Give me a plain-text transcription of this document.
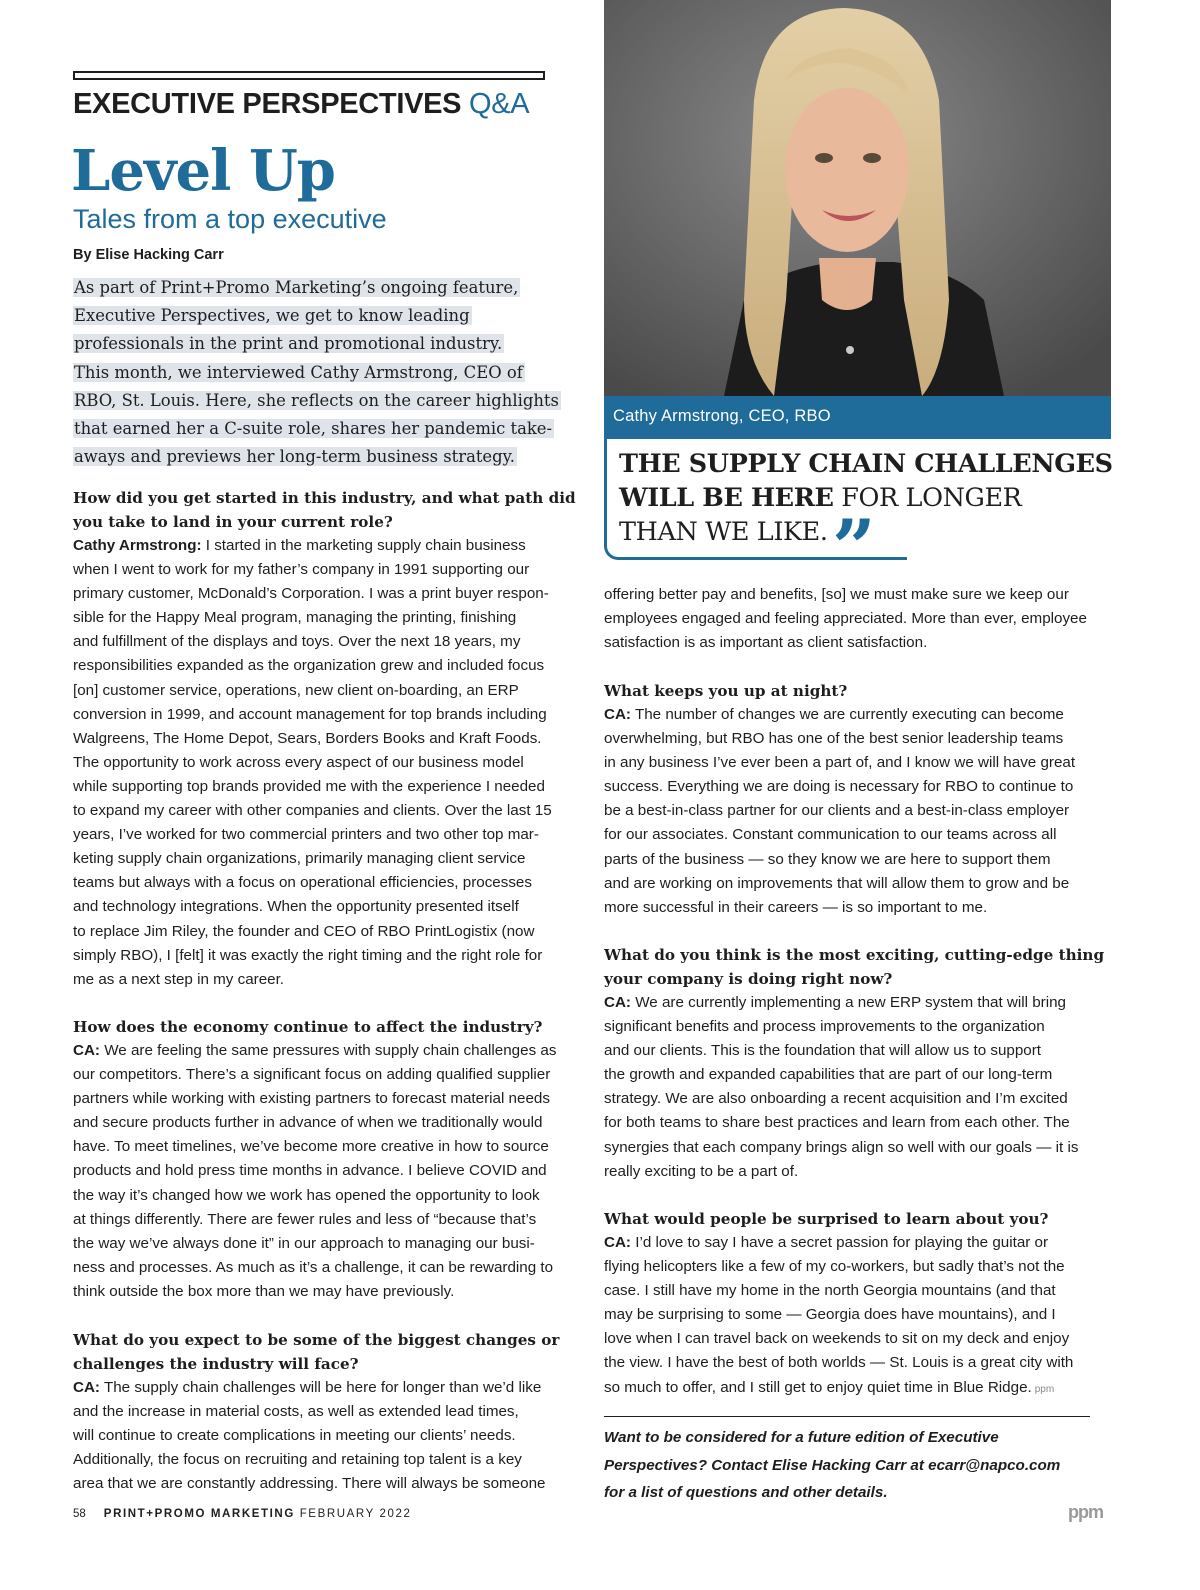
EXECUTIVE PERSPECTIVES Q&A
Level Up
Tales from a top executive
By Elise Hacking Carr
As part of Print+Promo Marketing’s ongoing feature,
Executive Perspectives, we get to know leading
professionals in the print and promotional industry.
This month, we interviewed Cathy Armstrong, CEO of
RBO, St. Louis. Here, she reflects on the career highlights
that earned her a C-suite role, shares her pandemic take-
aways and previews her long-term business strategy.
How did you get started in this industry, and what path did
you take to land in your current role?
Cathy Armstrong: I started in the marketing supply chain business
when I went to work for my father’s company in 1991 supporting our
primary customer, McDonald’s Corporation. I was a print buyer respon-
sible for the Happy Meal program, managing the printing, finishing
and fulfillment of the displays and toys. Over the next 18 years, my
responsibilities expanded as the organization grew and included focus
[on] customer service, operations, new client on-boarding, an ERP
conversion in 1999, and account management for top brands including
Walgreens, The Home Depot, Sears, Borders Books and Kraft Foods.
The opportunity to work across every aspect of our business model
while supporting top brands provided me with the experience I needed
to expand my career with other companies and clients. Over the last 15
years, I’ve worked for two commercial printers and two other top mar-
keting supply chain organizations, primarily managing client service
teams but always with a focus on operational efficiencies, processes
and technology integrations. When the opportunity presented itself
to replace Jim Riley, the founder and CEO of RBO PrintLogistix (now
simply RBO), I [felt] it was exactly the right timing and the right role for
me as a next step in my career.
How does the economy continue to affect the industry?
CA: We are feeling the same pressures with supply chain challenges as
our competitors. There’s a significant focus on adding qualified supplier
partners while working with existing partners to forecast material needs
and secure products further in advance of when we traditionally would
have. To meet timelines, we’ve become more creative in how to source
products and hold press time months in advance. I believe COVID and
the way it’s changed how we work has opened the opportunity to look
at things differently. There are fewer rules and less of “because that’s
the way we’ve always done it” in our approach to managing our busi-
ness and processes. As much as it’s a challenge, it can be rewarding to
think outside the box more than we may have previously.
What do you expect to be some of the biggest changes or
challenges the industry will face?
CA: The supply chain challenges will be here for longer than we’d like
and the increase in material costs, as well as extended lead times,
will continue to create complications in meeting our clients’ needs.
Additionally, the focus on recruiting and retaining top talent is a key
area that we are constantly addressing. There will always be someone
Cathy Armstrong, CEO, RBO
THE SUPPLY CHAIN CHALLENGES
WILL BE HERE FOR LONGER
THAN WE LIKE. ”
offering better pay and benefits, [so] we must make sure we keep our
employees engaged and feeling appreciated. More than ever, employee
satisfaction is as important as client satisfaction.
What keeps you up at night?
CA: The number of changes we are currently executing can become
overwhelming, but RBO has one of the best senior leadership teams
in any business I’ve ever been a part of, and I know we will have great
success. Everything we are doing is necessary for RBO to continue to
be a best-in-class partner for our clients and a best-in-class employer
for our associates. Constant communication to our teams across all
parts of the business — so they know we are here to support them
and are working on improvements that will allow them to grow and be
more successful in their careers — is so important to me.
What do you think is the most exciting, cutting-edge thing
your company is doing right now?
CA: We are currently implementing a new ERP system that will bring
significant benefits and process improvements to the organization
and our clients. This is the foundation that will allow us to support
the growth and expanded capabilities that are part of our long-term
strategy. We are also onboarding a recent acquisition and I’m excited
for both teams to share best practices and learn from each other. The
synergies that each company brings align so well with our goals — it is
really exciting to be a part of.
What would people be surprised to learn about you?
CA: I’d love to say I have a secret passion for playing the guitar or
flying helicopters like a few of my co-workers, but sadly that’s not the
case. I still have my home in the north Georgia mountains (and that
may be surprising to some — Georgia does have mountains), and I
love when I can travel back on weekends to sit on my deck and enjoy
the view. I have the best of both worlds — St. Louis is a great city with
so much to offer, and I still get to enjoy quiet time in Blue Ridge. ppm
Want to be considered for a future edition of Executive
Perspectives? Contact Elise Hacking Carr at ecarr@napco.com
for a list of questions and other details.
58 PRINT+PROMO MARKETING FEBRUARY 2022	ppm
